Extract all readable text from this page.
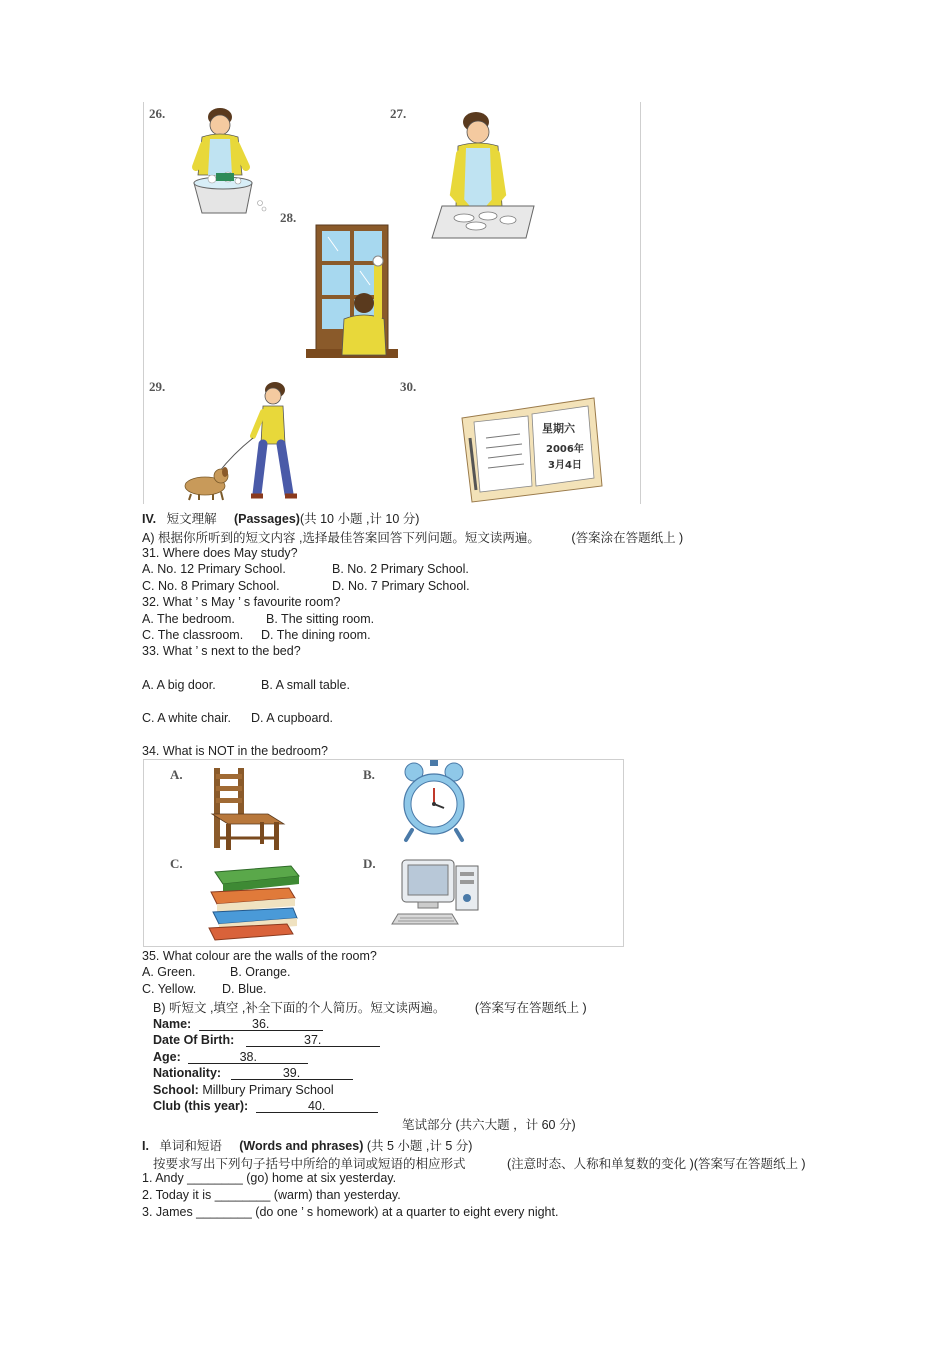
26.	27.
28.
29.	30.
星期六
2006年
3月4日
IV. 短文理解 (Passages)(共 10 小题 ,计 10 分)
A) 根据你所听到的短文内容 ,选择最佳答案回答下列问题。短文读两遍。	(答案涂在答题纸上 )
31. Where does May study?
A. No. 12 Primary School.	B. No. 2 Primary School.
C. No. 8 Primary School.	D. No. 7 Primary School.
32. What ’ s May ’ s favourite room?
A. The bedroom. B. The sitting room.
C. The classroom. D. The dining room.
33. What ’ s next to the bed?
A. A big door.	B. A small table.
C. A white chair. D. A cupboard.
34. What is NOT in the bedroom?
A.	B.
C.	D.
35. What colour are the walls of the room?
A. Green.	B. Orange.
C. Yellow. D. Blue.
B) 听短文 ,填空 ,补全下面的个人简历。短文读两遍。 (答案写在答题纸上 )
Name:	36.
Date Of Birth:	37.
Age:	38.
Nationality:	39.
School: Millbury Primary School
Club (this year):	40.
笔试部分 (共六大题 ，计 60 分)
I. 单词和短语 (Words and phrases) (共 5 小题 ,计 5 分)
按要求写出下列句子括号中所给的单词或短语的相应形式	(注意时态、人称和单复数的变化 )(答案写在答题纸上 )
1. Andy ________ (go) home at six yesterday.
2. Today it is ________ (warm) than yesterday.
3. James ________ (do one ’ s homework) at a quarter to eight every night.
